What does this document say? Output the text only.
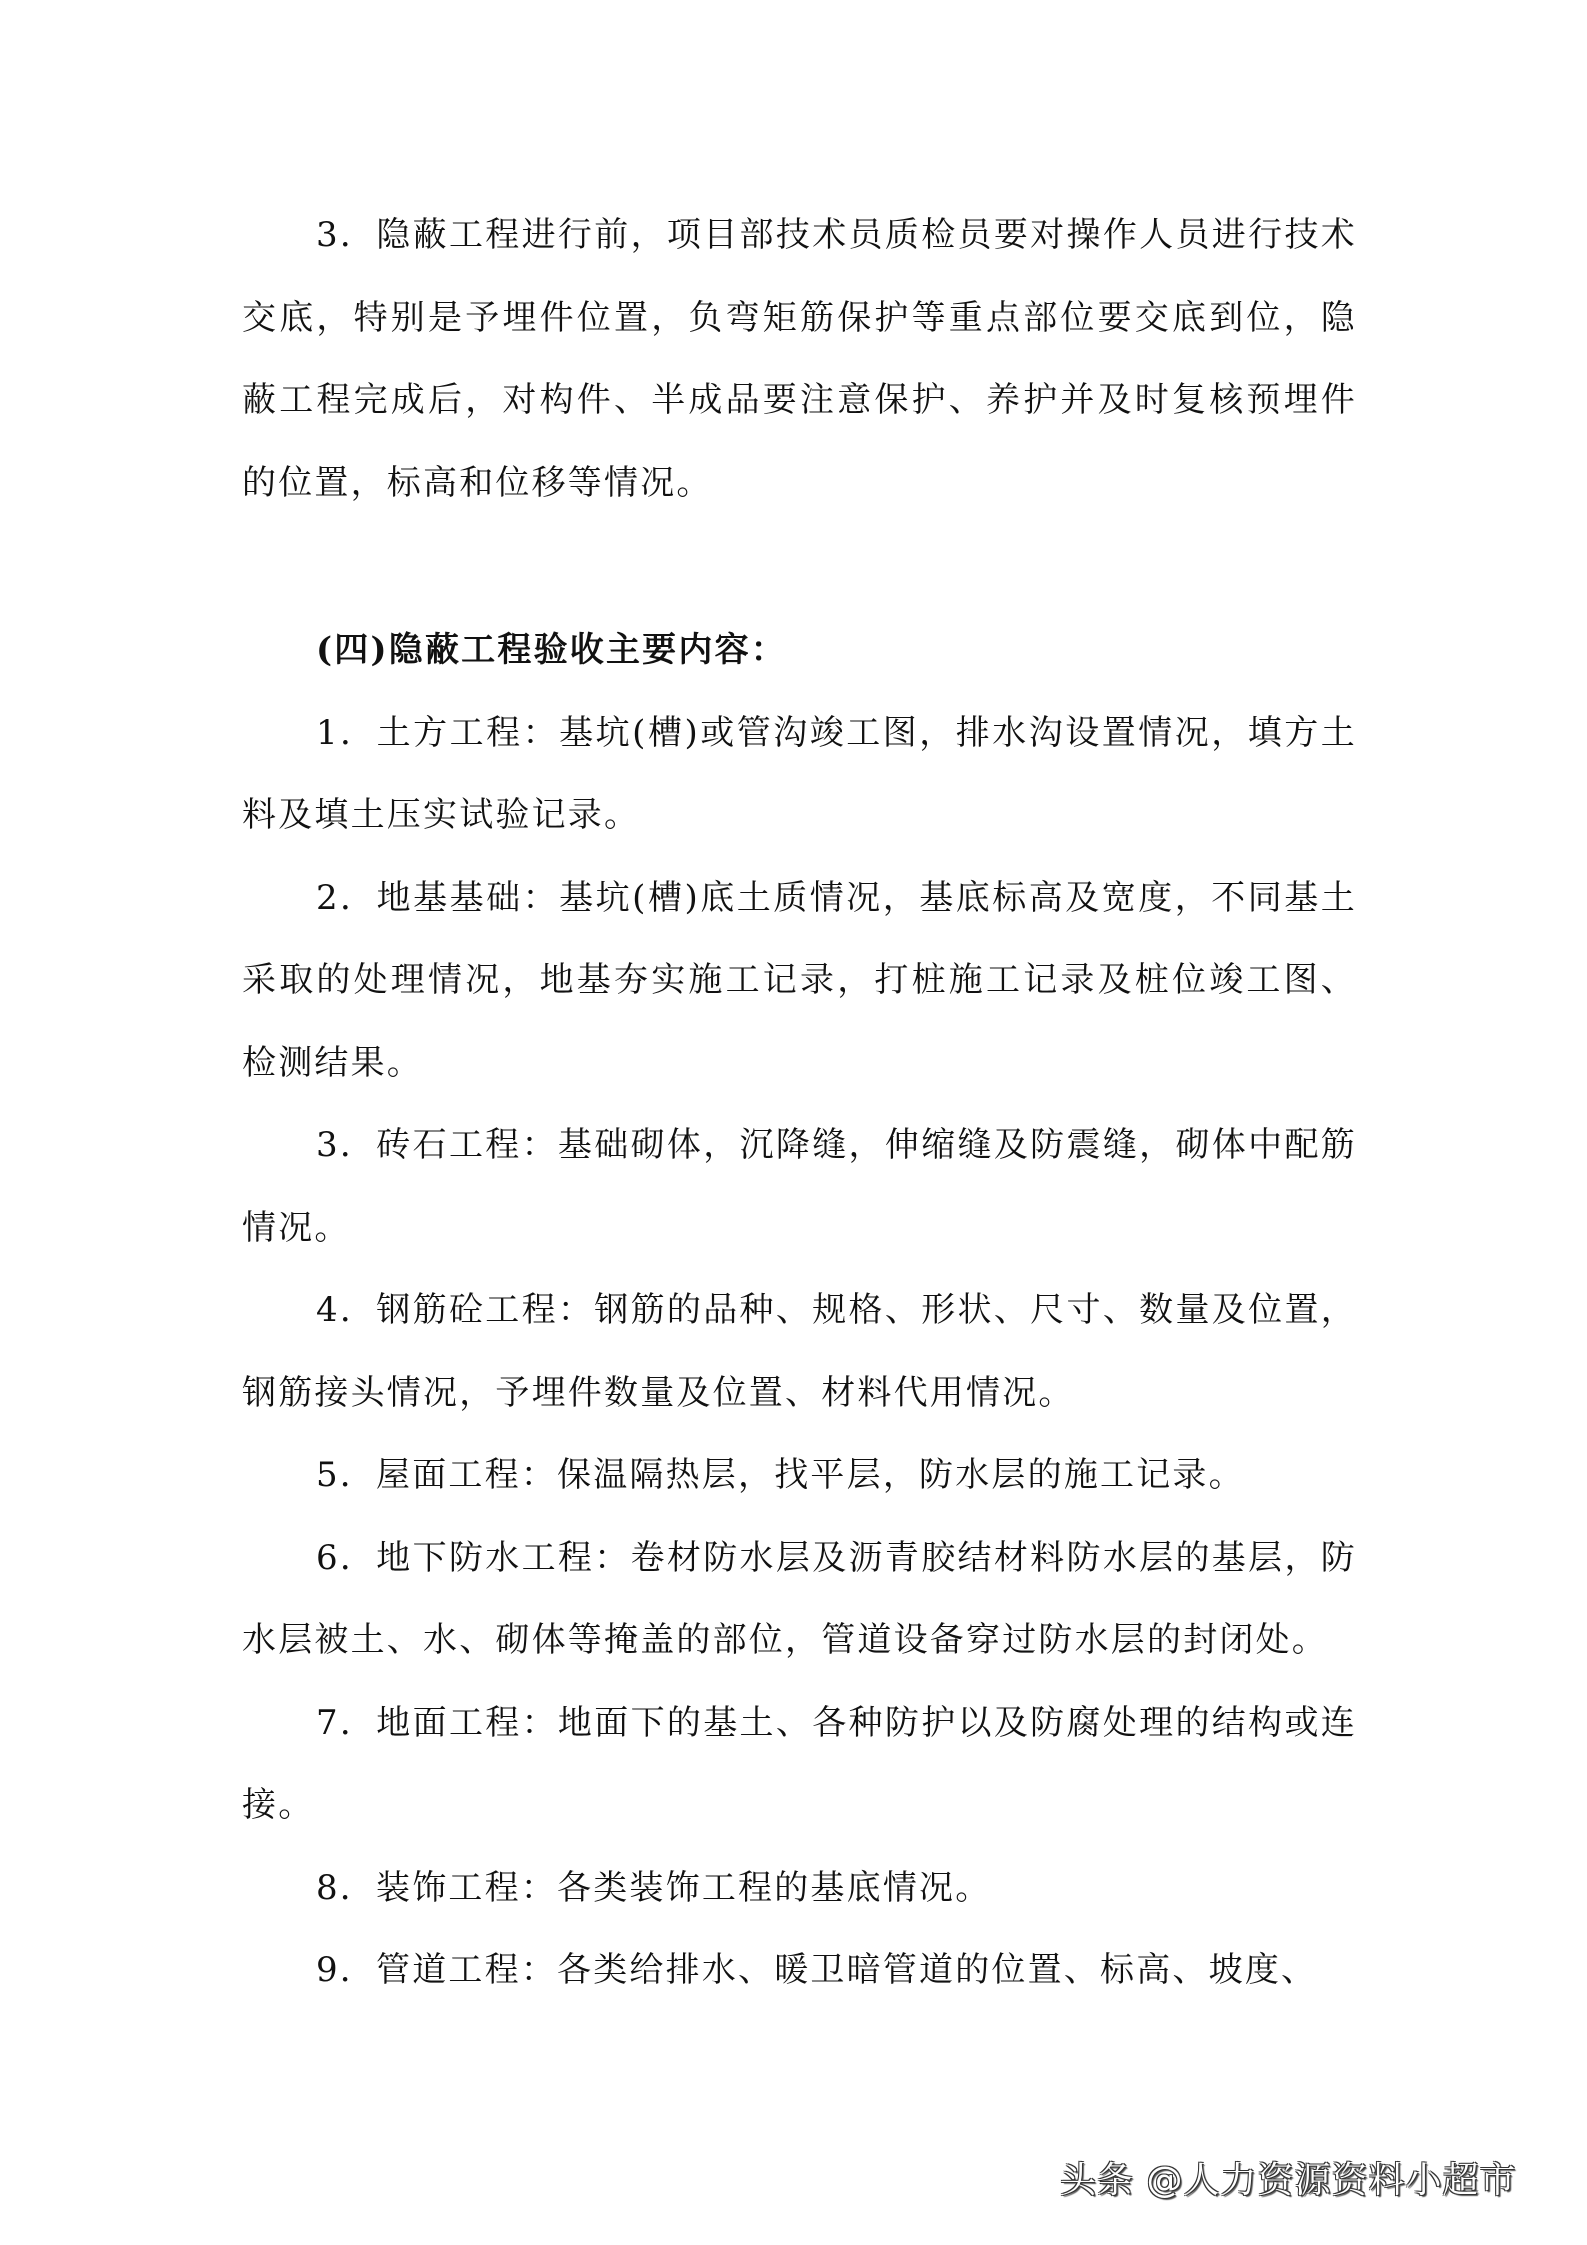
3．隐蔽工程进行前，项目部技术员质检员要对操作人员进行技术交底，特别是予埋件位置，负弯矩筋保护等重点部位要交底到位，隐蔽工程完成后，对构件、半成品要注意保护、养护并及时复核预埋件的位置，标高和位移等情况。

(四)隐蔽工程验收主要内容：

1．土方工程：基坑(槽)或管沟竣工图，排水沟设置情况，填方土料及填土压实试验记录。

2．地基基础：基坑(槽)底土质情况，基底标高及宽度，不同基土采取的处理情况，地基夯实施工记录，打桩施工记录及桩位竣工图、检测结果。

3．砖石工程：基础砌体，沉降缝，伸缩缝及防震缝，砌体中配筋情况。

4．钢筋砼工程：钢筋的品种、规格、形状、尺寸、数量及位置，钢筋接头情况，予埋件数量及位置、材料代用情况。

5．屋面工程：保温隔热层，找平层，防水层的施工记录。

6．地下防水工程：卷材防水层及沥青胶结材料防水层的基层，防水层被土、水、砌体等掩盖的部位，管道设备穿过防水层的封闭处。

7．地面工程：地面下的基土、各种防护以及防腐处理的结构或连接。

8．装饰工程：各类装饰工程的基底情况。

9．管道工程：各类给排水、暖卫暗管道的位置、标高、坡度、

头条 @人力资源资料小超市
